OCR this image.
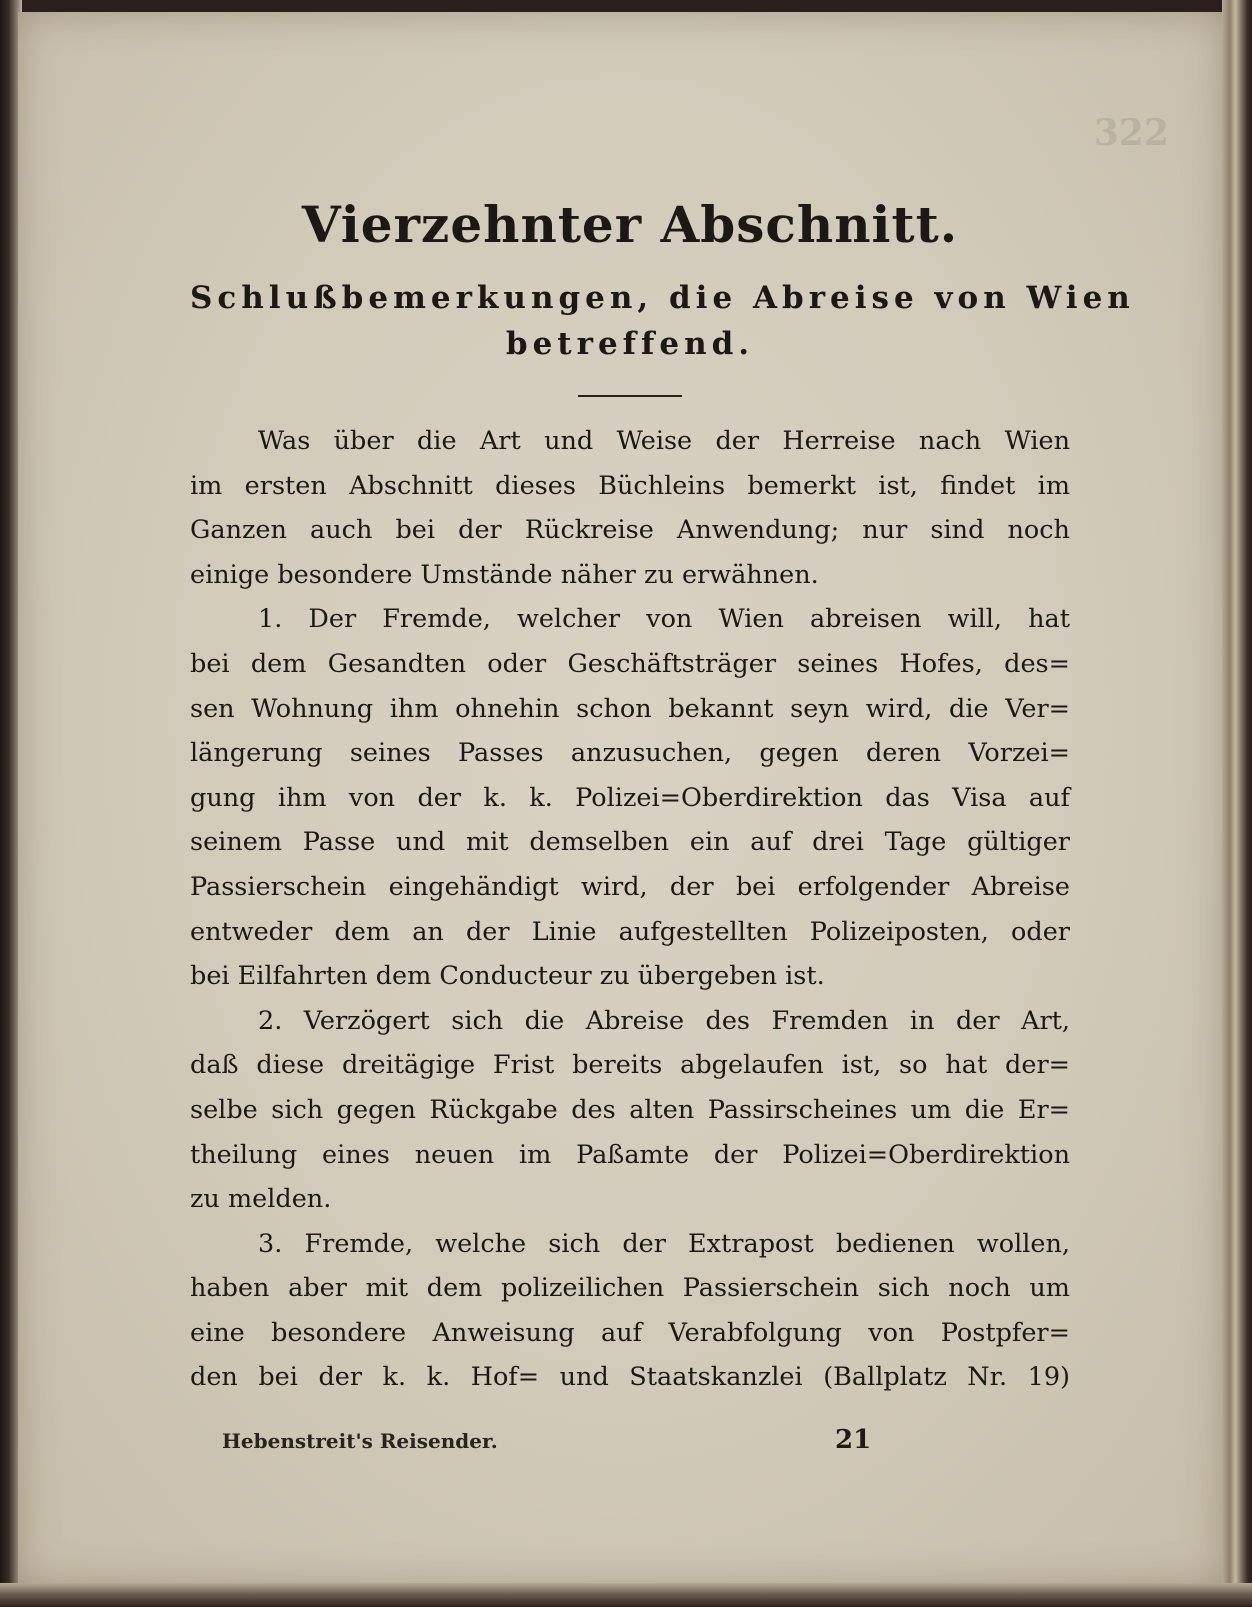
322
Vierzehnter Abschnitt.
Schlußbemerkungen, die Abreise von Wien
betreffend.
Was über die Art und Weise der Herreise nach Wien
im ersten Abschnitt dieses Büchleins bemerkt ist, findet im
Ganzen auch bei der Rückreise Anwendung; nur sind noch
einige besondere Umstände näher zu erwähnen.
1. Der Fremde, welcher von Wien abreisen will, hat
bei dem Gesandten oder Geschäftsträger seines Hofes, des=
sen Wohnung ihm ohnehin schon bekannt seyn wird, die Ver=
längerung seines Passes anzusuchen, gegen deren Vorzei=
gung ihm von der k. k. Polizei=Oberdirektion das Visa auf
seinem Passe und mit demselben ein auf drei Tage gültiger
Passierschein eingehändigt wird, der bei erfolgender Abreise
entweder dem an der Linie aufgestellten Polizeiposten, oder
bei Eilfahrten dem Conducteur zu übergeben ist.
2. Verzögert sich die Abreise des Fremden in der Art,
daß diese dreitägige Frist bereits abgelaufen ist, so hat der=
selbe sich gegen Rückgabe des alten Passirscheines um die Er=
theilung eines neuen im Paßamte der Polizei=Oberdirektion
zu melden.
3. Fremde, welche sich der Extrapost bedienen wollen,
haben aber mit dem polizeilichen Passierschein sich noch um
eine besondere Anweisung auf Verabfolgung von Postpfer=
den bei der k. k. Hof= und Staatskanzlei (Ballplatz Nr. 19)
Hebenstreit's Reisender.	21
